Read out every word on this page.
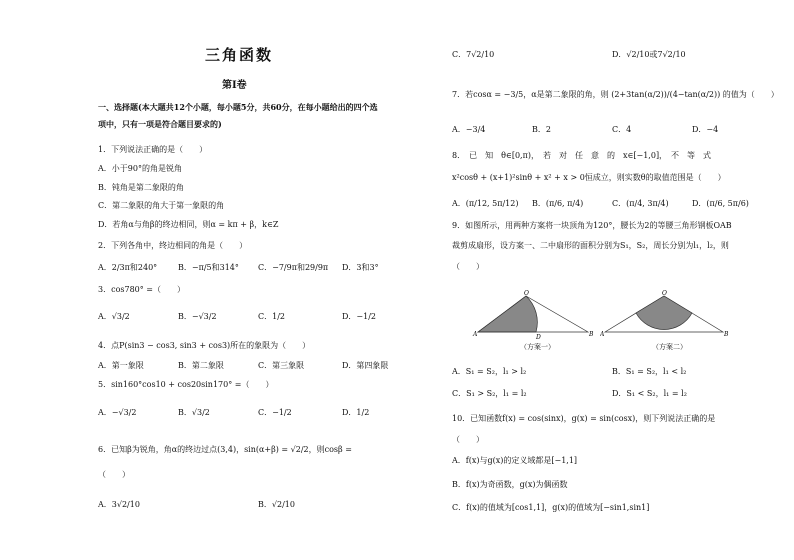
三角函数
第Ⅰ卷
一、选择题(本大题共12个小题，每小题5分，共60分，在每小题给出的四个选
项中，只有一项是符合题目要求的)
1．下列说法正确的是（　　）
A．小于90°的角是锐角
B．钝角是第二象限的角
C．第二象限的角大于第一象限的角
D．若角α与角β的终边相同，则α = kπ + β，k∈Z
2．下列各角中，终边相同的角是（　　）
A．2/3π和240°	B．−π/5和314° C．−7/9π和29/9π D．3和3°
3．cos780° =（　　）
A．√3/2	B．−√3/2	C．1/2	D．−1/2
4．点P(sin3 − cos3, sin3 + cos3)所在的象限为（　　）
A．第一象限	B．第二象限	C．第三象限	D．第四象限
5．sin160°cos10 + cos20sin170° =（　　）
A．−√3/2	B．√3/2	C．−1/2	D．1/2
6．已知β为锐角，角α的终边过点(3,4)，sin(α+β) = √2/2，则cosβ =
（　　）
A．3√2/10	B．√2/10
C．7√2/10	D．√2/10或7√2/10
7．若cosα = −3/5，α是第二象限的角，则 (2+3tan(α/2))/(4−tan(α/2)) 的值为（　　）
A．−3/4	B．2	C．4	D．−4
8．　已　知　θ∈[0,π)，　若　对　任　意　的　x∈[−1,0]，　不　等　式
x²cosθ + (x+1)²sinθ + x² + x > 0恒成立，则实数θ的取值范围是（　　）
A．(π/12, 5π/12) B．(π/6, π/4)	C．(π/4, 3π/4)	D．(π/6, 5π/6)
9．如图所示，用两种方案将一块顶角为120°，腰长为2的等腰三角形钢板OAB
裁剪成扇形，设方案一、二中扇形的面积分别为S₁，S₂，周长分别为l₁，l₂，则
（　　）
A
O
D	B
（方案一）
A
O
B
（方案二）
A．S₁ = S₂，l₁ > l₂	B．S₁ = S₂，l₁ < l₂
C．S₁ > S₂，l₁ = l₂	D．S₁ < S₂，l₁ = l₂
10．已知函数f(x) = cos(sinx)，g(x) = sin(cosx)，则下列说法正确的是
（　　）
A．f(x)与g(x)的定义域都是[−1,1]
B．f(x)为奇函数，g(x)为偶函数
C．f(x)的值域为[cos1,1]，g(x)的值域为[−sin1,sin1]
